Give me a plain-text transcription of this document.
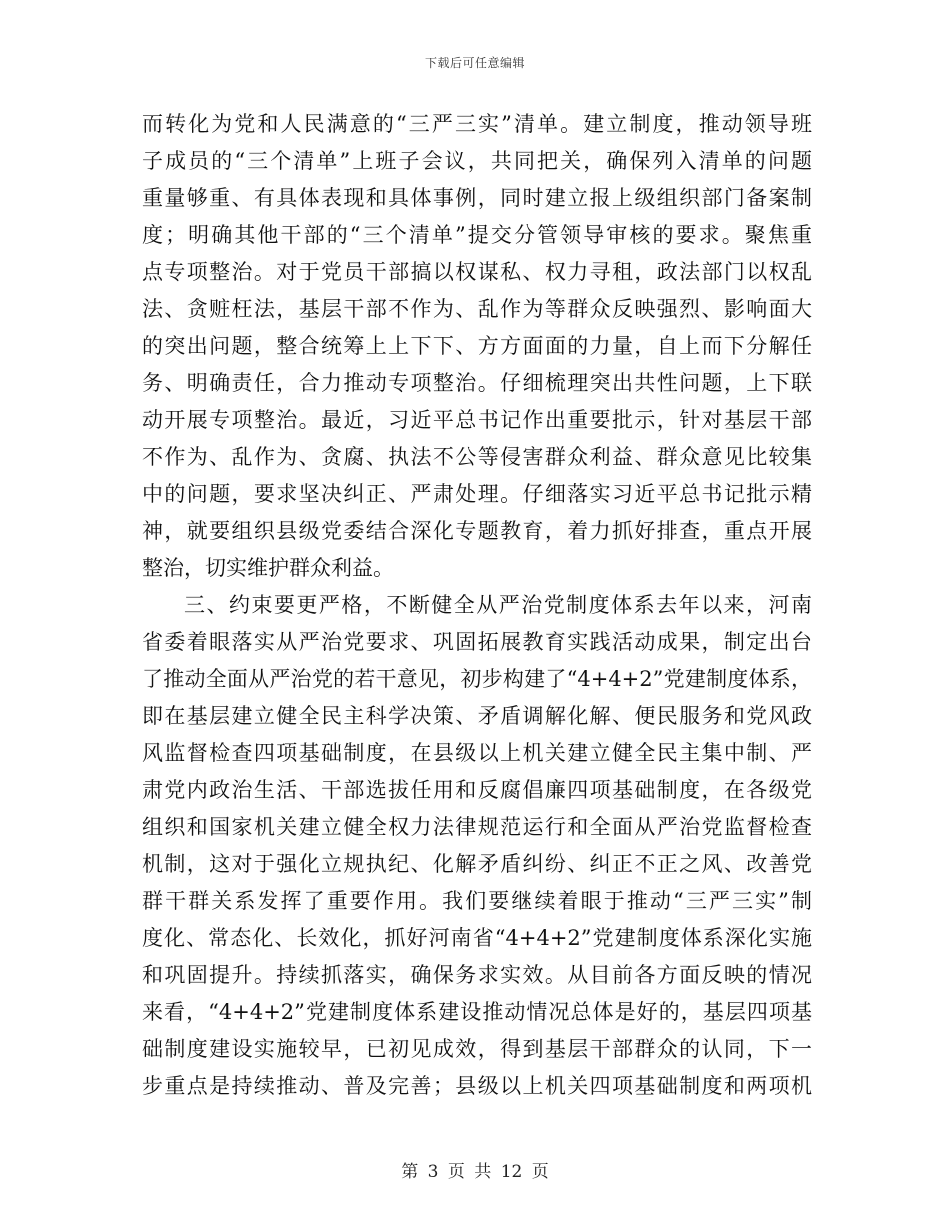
下载后可任意编辑
而转化为党和人民满意的“三严三实”清单。建立制度，推动领导班
子成员的“三个清单”上班子会议，共同把关，确保列入清单的问题
重量够重、有具体表现和具体事例，同时建立报上级组织部门备案制
度；明确其他干部的“三个清单”提交分管领导审核的要求。聚焦重
点专项整治。对于党员干部搞以权谋私、权力寻租，政法部门以权乱
法、贪赃枉法，基层干部不作为、乱作为等群众反映强烈、影响面大
的突出问题，整合统筹上上下下、方方面面的力量，自上而下分解任
务、明确责任，合力推动专项整治。仔细梳理突出共性问题，上下联
动开展专项整治。最近，习近平总书记作出重要批示，针对基层干部
不作为、乱作为、贪腐、执法不公等侵害群众利益、群众意见比较集
中的问题，要求坚决纠正、严肃处理。仔细落实习近平总书记批示精
神，就要组织县级党委结合深化专题教育，着力抓好排查，重点开展
整治，切实维护群众利益。
三、约束要更严格，不断健全从严治党制度体系去年以来，河南
省委着眼落实从严治党要求、巩固拓展教育实践活动成果，制定出台
了推动全面从严治党的若干意见，初步构建了“4+4+2”党建制度体系，
即在基层建立健全民主科学决策、矛盾调解化解、便民服务和党风政
风监督检查四项基础制度，在县级以上机关建立健全民主集中制、严
肃党内政治生活、干部选拔任用和反腐倡廉四项基础制度，在各级党
组织和国家机关建立健全权力法律规范运行和全面从严治党监督检查
机制，这对于强化立规执纪、化解矛盾纠纷、纠正不正之风、改善党
群干群关系发挥了重要作用。我们要继续着眼于推动“三严三实”制
度化、常态化、长效化，抓好河南省“4+4+2”党建制度体系深化实施
和巩固提升。持续抓落实，确保务求实效。从目前各方面反映的情况
来看，“4+4+2”党建制度体系建设推动情况总体是好的，基层四项基
础制度建设实施较早，已初见成效，得到基层干部群众的认同，下一
步重点是持续推动、普及完善；县级以上机关四项基础制度和两项机
第 3 页 共 12 页
